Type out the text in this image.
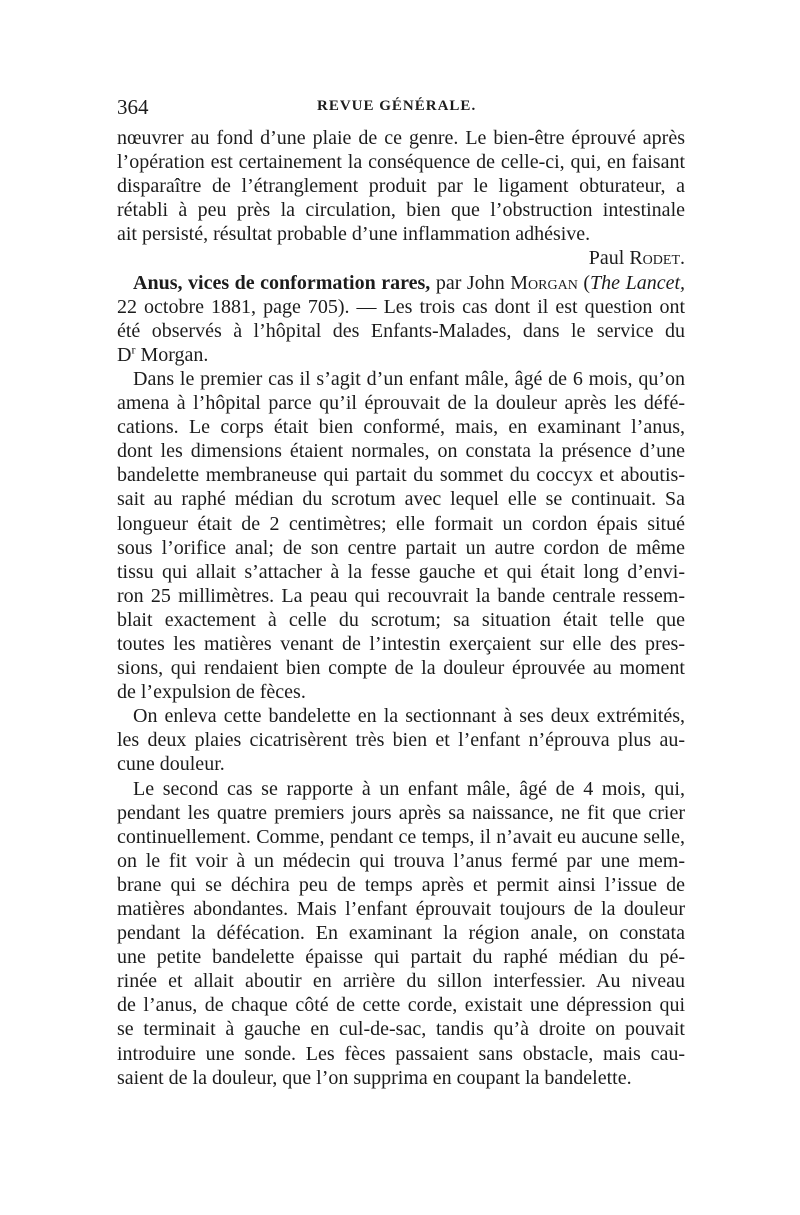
364	REVUE GÉNÉRALE.
nœuvrer au fond d’une plaie de ce genre. Le bien-être éprouvé après
l’opération est certainement la conséquence de celle-ci, qui, en faisant
disparaître de l’étranglement produit par le ligament obturateur, a
rétabli à peu près la circulation, bien que l’obstruction intestinale
ait persisté, résultat probable d’une inflammation adhésive.
Paul Rodet.
Anus, vices de conformation rares, par John Morgan (The Lancet,
22 octobre 1881, page 705). — Les trois cas dont il est question ont
été observés à l’hôpital des Enfants-Malades, dans le service du
$D^r$ Morgan.
Dans le premier cas il s’agit d’un enfant mâle, âgé de 6 mois, qu’on
amena à l’hôpital parce qu’il éprouvait de la douleur après les défé-
cations. Le corps était bien conformé, mais, en examinant l’anus,
dont les dimensions étaient normales, on constata la présence d’une
bandelette membraneuse qui partait du sommet du coccyx et aboutis-
sait au raphé médian du scrotum avec lequel elle se continuait. Sa
longueur était de 2 centimètres; elle formait un cordon épais situé
sous l’orifice anal; de son centre partait un autre cordon de même
tissu qui allait s’attacher à la fesse gauche et qui était long d’envi-
ron 25 millimètres. La peau qui recouvrait la bande centrale ressem-
blait exactement à celle du scrotum; sa situation était telle que
toutes les matières venant de l’intestin exerçaient sur elle des pres-
sions, qui rendaient bien compte de la douleur éprouvée au moment
de l’expulsion de fèces.
On enleva cette bandelette en la sectionnant à ses deux extrémités,
les deux plaies cicatrisèrent très bien et l’enfant n’éprouva plus au-
cune douleur.
Le second cas se rapporte à un enfant mâle, âgé de 4 mois, qui,
pendant les quatre premiers jours après sa naissance, ne fit que crier
continuellement. Comme, pendant ce temps, il n’avait eu aucune selle,
on le fit voir à un médecin qui trouva l’anus fermé par une mem-
brane qui se déchira peu de temps après et permit ainsi l’issue de
matières abondantes. Mais l’enfant éprouvait toujours de la douleur
pendant la défécation. En examinant la région anale, on constata
une petite bandelette épaisse qui partait du raphé médian du pé-
rinée et allait aboutir en arrière du sillon interfessier. Au niveau
de l’anus, de chaque côté de cette corde, existait une dépression qui
se terminait à gauche en cul-de-sac, tandis qu’à droite on pouvait
introduire une sonde. Les fèces passaient sans obstacle, mais cau-
saient de la douleur, que l’on supprima en coupant la bandelette.
